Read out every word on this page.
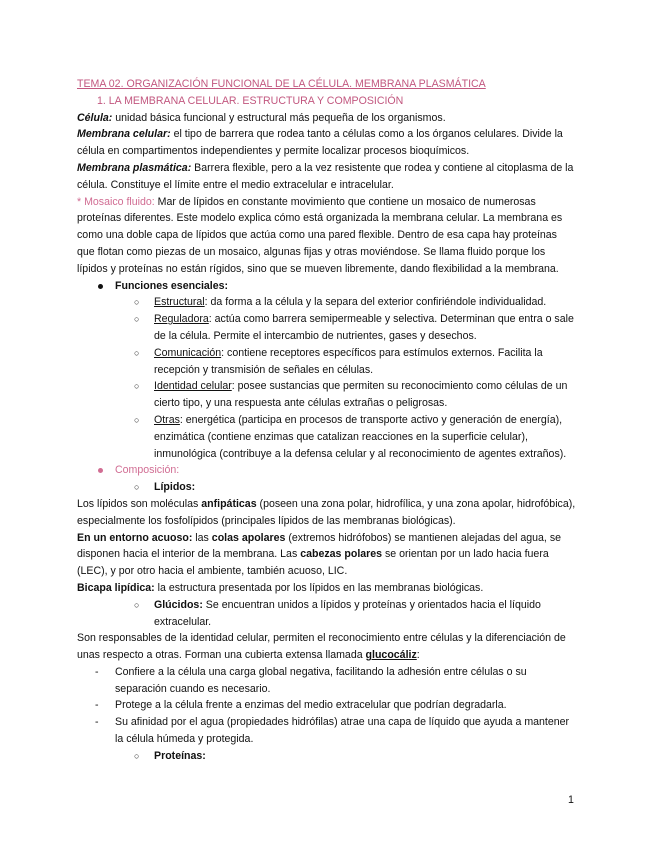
TEMA 02. ORGANIZACIÓN FUNCIONAL DE LA CÉLULA. MEMBRANA PLASMÁTICA

1. LA MEMBRANA CELULAR. ESTRUCTURA Y COMPOSICIÓN

Célula: unidad básica funcional y estructural más pequeña de los organismos.

Membrana celular: el tipo de barrera que rodea tanto a células como a los órganos celulares. Divide la célula en compartimentos independientes y permite localizar procesos bioquímicos.

Membrana plasmática: Barrera flexible, pero a la vez resistente que rodea y contiene al citoplasma de la célula. Constituye el límite entre el medio extracelular e intracelular.

* Mosaico fluido: Mar de lípidos en constante movimiento que contiene un mosaico de numerosas proteínas diferentes. Este modelo explica cómo está organizada la membrana celular. La membrana es como una doble capa de lípidos que actúa como una pared flexible. Dentro de esa capa hay proteínas que flotan como piezas de un mosaico, algunas fijas y otras moviéndose. Se llama fluido porque los lípidos y proteínas no están rígidos, sino que se mueven libremente, dando flexibilidad a la membrana.

Funciones esenciales:
○ Estructural: da forma a la célula y la separa del exterior confiriéndole individualidad.
○ Reguladora: actúa como barrera semipermeable y selectiva. Determinan que entra o sale de la célula. Permite el intercambio de nutrientes, gases y desechos.
○ Comunicación: contiene receptores específicos para estímulos externos. Facilita la recepción y transmisión de señales en células.
○ Identidad celular: posee sustancias que permiten su reconocimiento como células de un cierto tipo, y una respuesta ante células extrañas o peligrosas.
○ Otras: energética (participa en procesos de transporte activo y generación de energía), enzimática (contiene enzimas que catalizan reacciones en la superficie celular), inmunológica (contribuye a la defensa celular y al reconocimiento de agentes extraños).
Composición:
○ Lípidos:

Los lípidos son moléculas anfipáticas (poseen una zona polar, hidrofílica, y una zona apolar, hidrofóbica), especialmente los fosfolípidos (principales lípidos de las membranas biológicas).

En un entorno acuoso: las colas apolares (extremos hidrófobos) se mantienen alejadas del agua, se disponen hacia el interior de la membrana. Las cabezas polares se orientan por un lado hacia fuera (LEC), y por otro hacia el ambiente, también acuoso, LIC.

Bicapa lipídica: la estructura presentada por los lípidos en las membranas biológicas.

○ Glúcidos: Se encuentran unidos a lípidos y proteínas y orientados hacia el líquido extracelular.

Son responsables de la identidad celular, permiten el reconocimiento entre células y la diferenciación de unas respecto a otras. Forman una cubierta extensa llamada glucocáliz:

- Confiere a la célula una carga global negativa, facilitando la adhesión entre células o su separación cuando es necesario.
- Protege a la célula frente a enzimas del medio extracelular que podrían degradarla.
- Su afinidad por el agua (propiedades hidrófilas) atrae una capa de líquido que ayuda a mantener la célula húmeda y protegida.
○ Proteínas:
1
